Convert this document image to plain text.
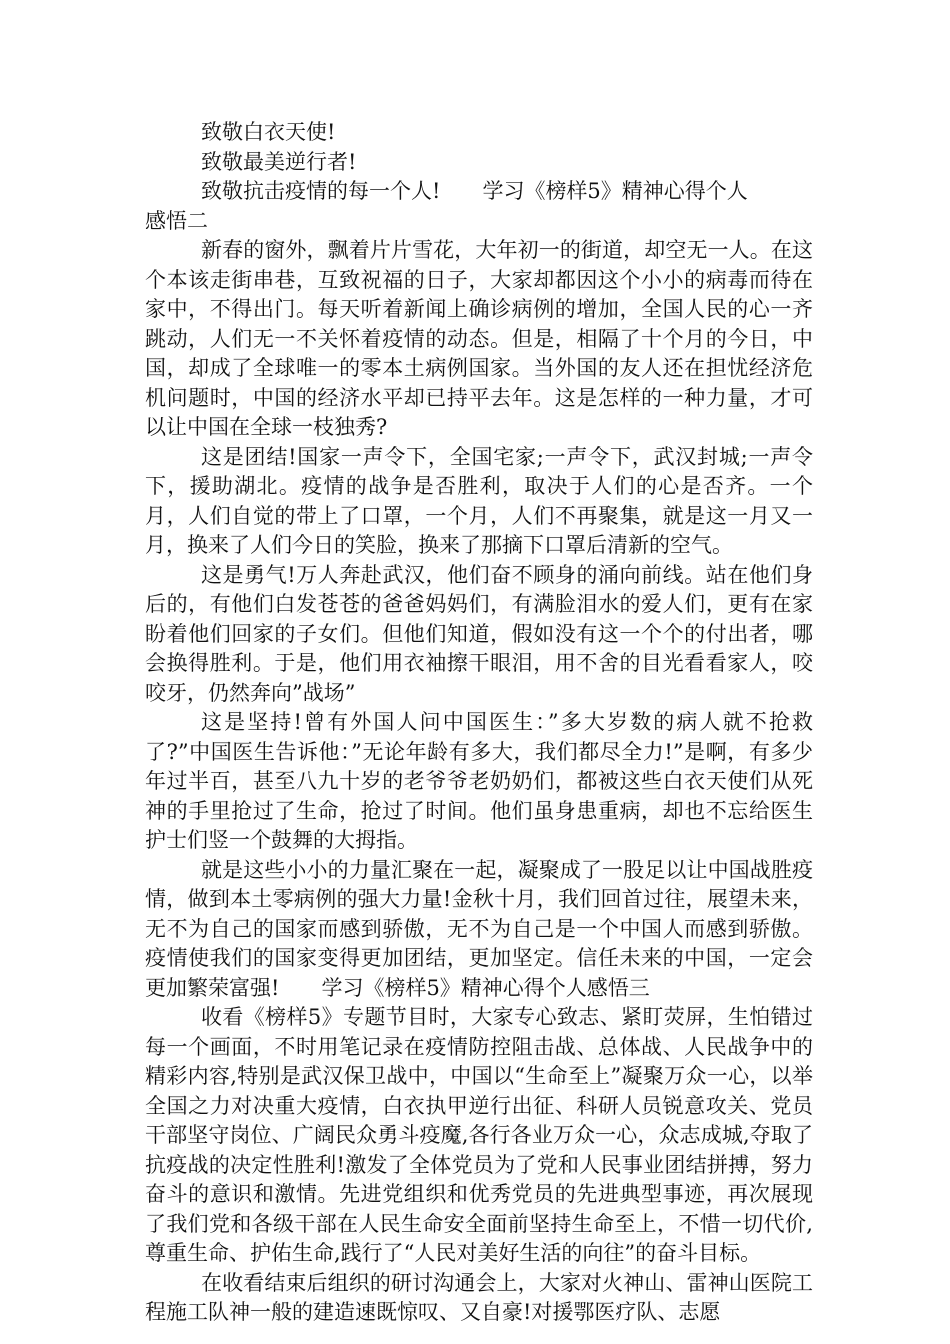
致敬白衣天使!
致敬最美逆行者!
致敬抗击疫情的每一个人!　　学习《榜样5》精神心得个人
感悟二

新春的窗外，飘着片片雪花，大年初一的街道，却空无一人。在这个本该走街串巷，互致祝福的日子，大家却都因这个小小的病毒而待在家中，不得出门。每天听着新闻上确诊病例的增加，全国人民的心一齐跳动，人们无一不关怀着疫情的动态。但是，相隔了十个月的今日，中国，却成了全球唯一的零本土病例国家。当外国的友人还在担忧经济危机问题时，中国的经济水平却已持平去年。这是怎样的一种力量，才可以让中国在全球一枝独秀?

这是团结!国家一声令下，全国宅家;一声令下，武汉封城;一声令下，援助湖北。疫情的战争是否胜利，取决于人们的心是否齐。一个月，人们自觉的带上了口罩，一个月，人们不再聚集，就是这一月又一月，换来了人们今日的笑脸，换来了那摘下口罩后清新的空气。

这是勇气!万人奔赴武汉，他们奋不顾身的涌向前线。站在他们身后的，有他们白发苍苍的爸爸妈妈们，有满脸泪水的爱人们，更有在家盼着他们回家的子女们。但他们知道，假如没有这一个个的付出者，哪会换得胜利。于是，他们用衣袖擦干眼泪，用不舍的目光看看家人，咬咬牙，仍然奔向”战场”

这是坚持!曾有外国人问中国医生：”多大岁数的病人就不抢救了?”中国医生告诉他：”无论年龄有多大，我们都尽全力!”是啊，有多少年过半百，甚至八九十岁的老爷爷老奶奶们，都被这些白衣天使们从死神的手里抢过了生命，抢过了时间。他们虽身患重病，却也不忘给医生护士们竖一个鼓舞的大拇指。

就是这些小小的力量汇聚在一起，凝聚成了一股足以让中国战胜疫情，做到本土零病例的强大力量!金秋十月，我们回首过往，展望未来，无不为自己的国家而感到骄傲，无不为自己是一个中国人而感到骄傲。疫情使我们的国家变得更加团结，更加坚定。信任未来的中国，一定会更加繁荣富强!　　学习《榜样5》精神心得个人感悟三

收看《榜样5》专题节目时，大家专心致志、紧盯荧屏，生怕错过每一个画面，不时用笔记录在疫情防控阻击战、总体战、人民战争中的精彩内容,特别是武汉保卫战中，中国以“生命至上”凝聚万众一心，以举全国之力对决重大疫情，白衣执甲逆行出征、科研人员锐意攻关、党员干部坚守岗位、广阔民众勇斗疫魔,各行各业万众一心，众志成城,夺取了抗疫战的决定性胜利!激发了全体党员为了党和人民事业团结拼搏，努力奋斗的意识和激情。先进党组织和优秀党员的先进典型事迹，再次展现了我们党和各级干部在人民生命安全面前坚持生命至上，不惜一切代价,尊重生命、护佑生命,践行了“人民对美好生活的向往”的奋斗目标。

在收看结束后组织的研讨沟通会上，大家对火神山、雷神山医院工程施工队神一般的建造速既惊叹、又自豪!对援鄂医疗队、志愿
